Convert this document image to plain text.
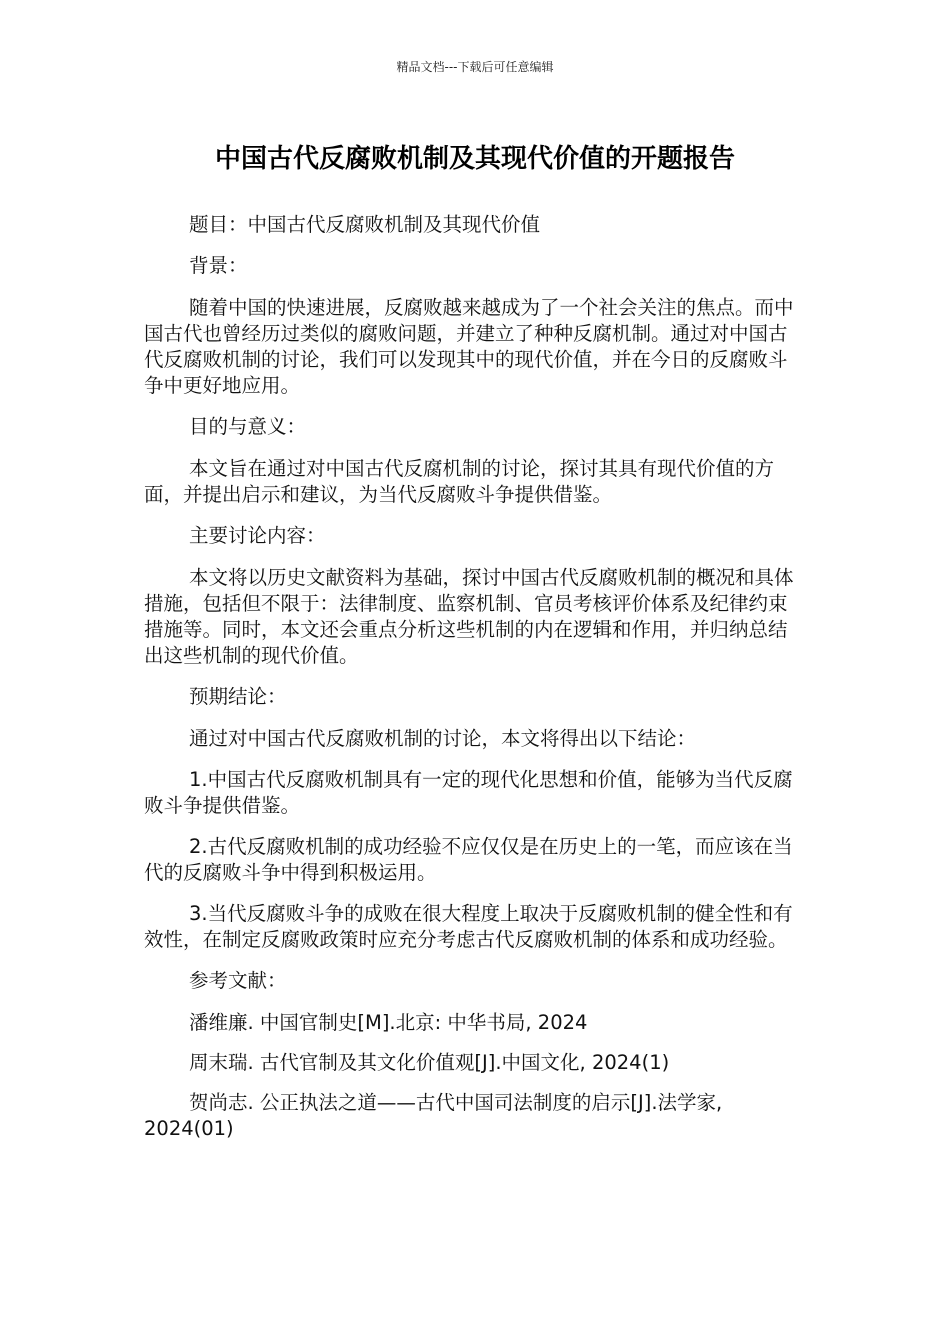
精品文档---下载后可任意编辑
中国古代反腐败机制及其现代价值的开题报告

题目：中国古代反腐败机制及其现代价值

背景：

随着中国的快速进展，反腐败越来越成为了一个社会关注的焦点。而中国古代也曾经历过类似的腐败问题，并建立了种种反腐机制。通过对中国古代反腐败机制的讨论，我们可以发现其中的现代价值，并在今日的反腐败斗争中更好地应用。

目的与意义：

本文旨在通过对中国古代反腐机制的讨论，探讨其具有现代价值的方面，并提出启示和建议，为当代反腐败斗争提供借鉴。

主要讨论内容：

本文将以历史文献资料为基础，探讨中国古代反腐败机制的概况和具体措施，包括但不限于：法律制度、监察机制、官员考核评价体系及纪律约束措施等。同时，本文还会重点分析这些机制的内在逻辑和作用，并归纳总结出这些机制的现代价值。

预期结论：

通过对中国古代反腐败机制的讨论，本文将得出以下结论：

1.中国古代反腐败机制具有一定的现代化思想和价值，能够为当代反腐败斗争提供借鉴。

2.古代反腐败机制的成功经验不应仅仅是在历史上的一笔，而应该在当代的反腐败斗争中得到积极运用。

3.当代反腐败斗争的成败在很大程度上取决于反腐败机制的健全性和有效性，在制定反腐败政策时应充分考虑古代反腐败机制的体系和成功经验。

参考文献：

潘维廉. 中国官制史[M].北京: 中华书局, 2024

周末瑞. 古代官制及其文化价值观[J].中国文化, 2024(1)

贺尚志. 公正执法之道——古代中国司法制度的启示[J].法学家, 2024(01)
